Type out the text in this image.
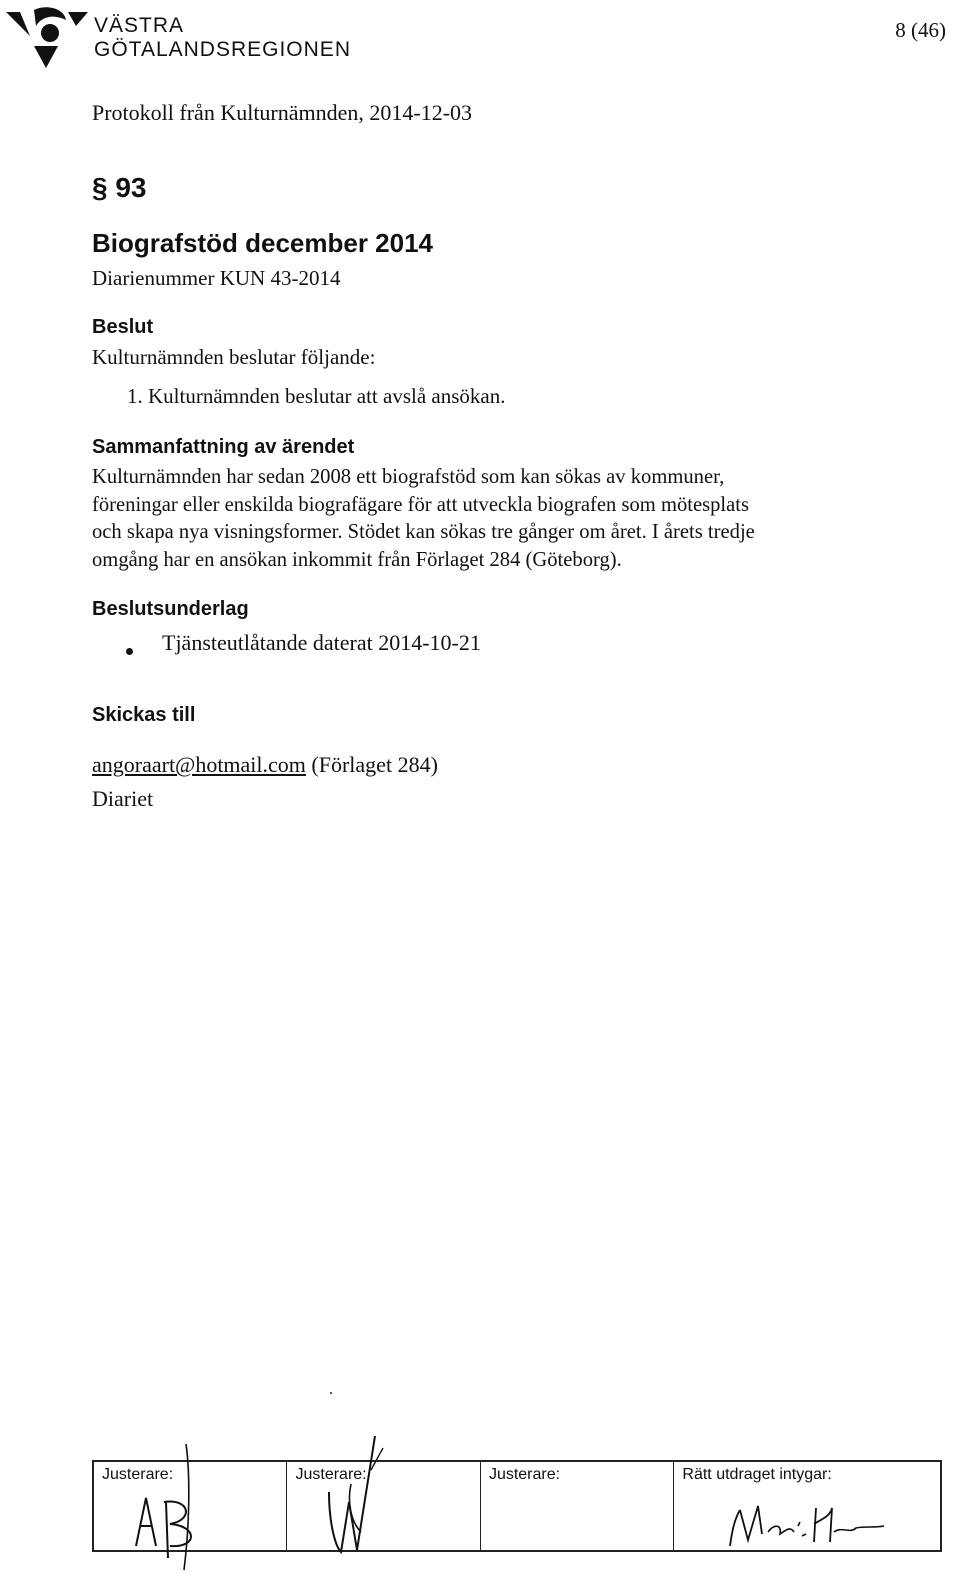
VÄSTRA
GÖTALANDSREGIONEN
8 (46)
Protokoll från Kulturnämnden, 2014-12-03
§ 93
Biografstöd december 2014
Diarienummer KUN 43-2014
Beslut
Kulturnämnden beslutar följande:
1. Kulturnämnden beslutar att avslå ansökan.
Sammanfattning av ärendet
Kulturnämnden har sedan 2008 ett biografstöd som kan sökas av kommuner,
föreningar eller enskilda biografägare för att utveckla biografen som mötesplats
och skapa nya visningsformer. Stödet kan sökas tre gånger om året. I årets tredje
omgång har en ansökan inkommit från Förlaget 284 (Göteborg).
Beslutsunderlag
Tjänsteutlåtande daterat 2014-10-21
Skickas till
angoraart@hotmail.com (Förlaget 284)
Diariet
Justerare:	Justerare:	Justerare:	Rätt utdraget intygar:
